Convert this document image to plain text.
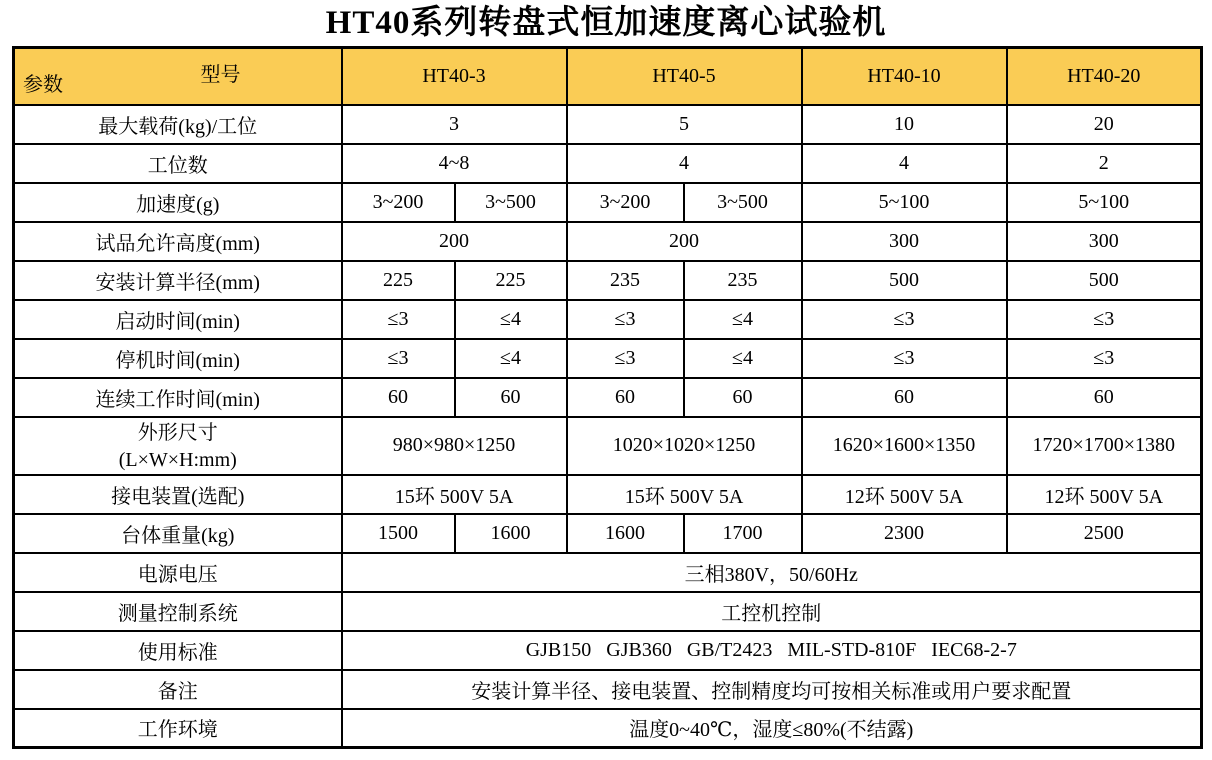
HT40系列转盘式恒加速度离心试验机
参数 型号	HT40-3		HT40-5		HT40-10	HT40-20
最大载荷(kg)/工位	3		5		10	20
工位数	4~8		4		4	2
加速度(g)	3~200	3~500	3~200	3~500	5~100	5~100
试品允许高度(mm)	200		200		300	300
安装计算半径(mm)	225	225	235	235	500	500
启动时间(min)	≤3	≤4	≤3	≤4	≤3	≤3
停机时间(min)	≤3	≤4	≤3	≤4	≤3	≤3
连续工作时间(min)	60	60	60	60	60	60

外形尺寸
(L×W×H:mm)	980×980×1250		1020×1020×1250		1620×1600×1350	1720×1700×1380
接电装置(选配)	15环 500V 5A		15环 500V 5A		12环 500V 5A	12环 500V 5A
台体重量(kg)	1500	1600	1600	1700	2300	2500
电源电压	三相380V，50/60Hz					
测量控制系统	工控机控制					
使用标准	GJB150   GJB360   GB/T2423   MIL-STD-810F   IEC68-2-7					
备注	安装计算半径、接电装置、控制精度均可按相关标准或用户要求配置					
工作环境	温度0~40℃，湿度≤80%(不结露)					
